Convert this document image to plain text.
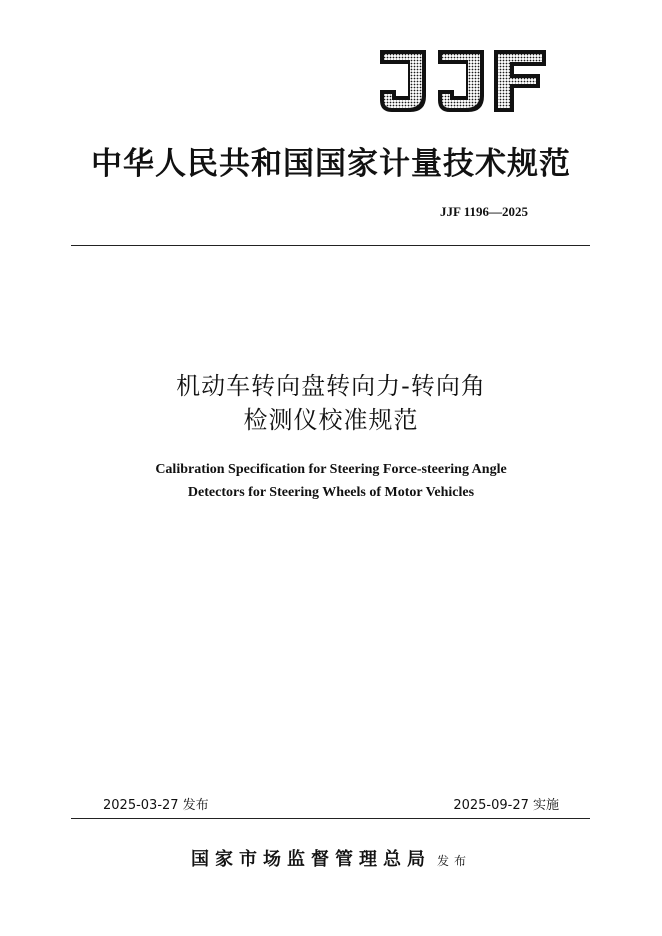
中华人民共和国国家计量技术规范
JJF 1196—2025
机动车转向盘转向力-转向角
检测仪校准规范
Calibration Specification for Steering Force-steering Angle
Detectors for Steering Wheels of Motor Vehicles
2025-03-27 发布	2025-09-27 实施
国家市场监督管理总局 发布
